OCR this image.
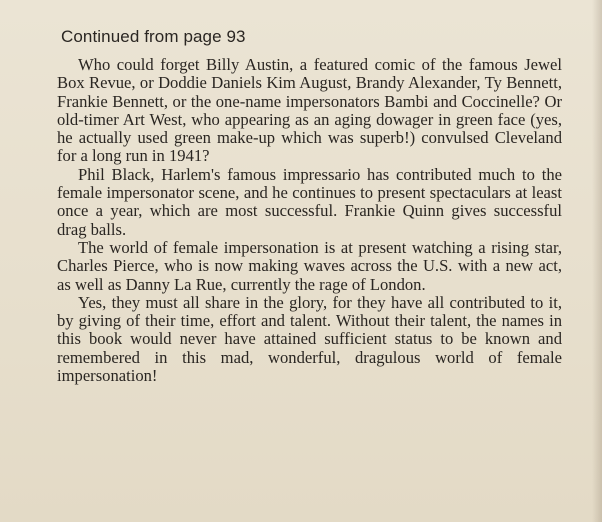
Continued from page 93

Who could forget Billy Austin, a featured comic of the famous Jewel Box Revue, or Doddie Daniels Kim August, Brandy Alexander, Ty Bennett, Frankie Bennett, or the one-name impersonators Bambi and Coccinelle? Or old-timer Art West, who appearing as an aging dowager in green face (yes, he actually used green make-up which was superb!) convulsed Cleveland for a long run in 1941?

Phil Black, Harlem's famous impressario has contributed much to the female impersonator scene, and he continues to present spectaculars at least once a year, which are most successful. Frankie Quinn gives successful drag balls.

The world of female impersonation is at present watching a rising star, Charles Pierce, who is now making waves across the U.S. with a new act, as well as Danny La Rue, currently the rage of London.

Yes, they must all share in the glory, for they have all contributed to it, by giving of their time, effort and talent. Without their talent, the names in this book would never have attained sufficient status to be known and remembered in this mad, wonderful, dragulous world of female impersonation!
